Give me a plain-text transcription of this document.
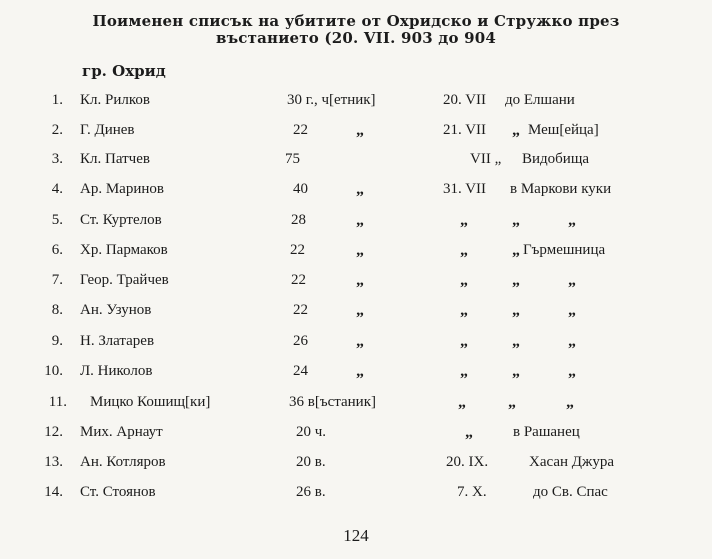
Поименен списък на убитите от Охридско и Стружко през
въстанието (20. VII. 903 до 904
гр. Охрид
1. Кл. Рилков	30 г., ч[етник]	20. VII до Елшани
2. Г. Динев	22	„	21. VII „ Меш[ейца]
3. Кл. Патчев	75	VII „ Видобища
4. Ар. Маринов	40	„	31. VII в Маркови куки
5. Ст. Куртелов	28	„	„	„	„
6. Хр. Пармаков	22	„	„	„ Гърмешница
7. Геор. Трайчев	22	„	„	„	„
8. Ан. Узунов	22	„	„	„	„
9. Н. Златарев	26	„	„	„	„
10. Л. Николов	24	„	„	„	„
11. Мицко Кошищ[ки]	36 в[ъстаник]	„	„	„
12. Мих. Арнаут	20 ч.	„	в Рашанец
13. Ан. Котляров	20 в.	20. IX.	Хасан Джура
14. Ст. Стоянов	26 в.	7. X.	до Св. Спас
124
